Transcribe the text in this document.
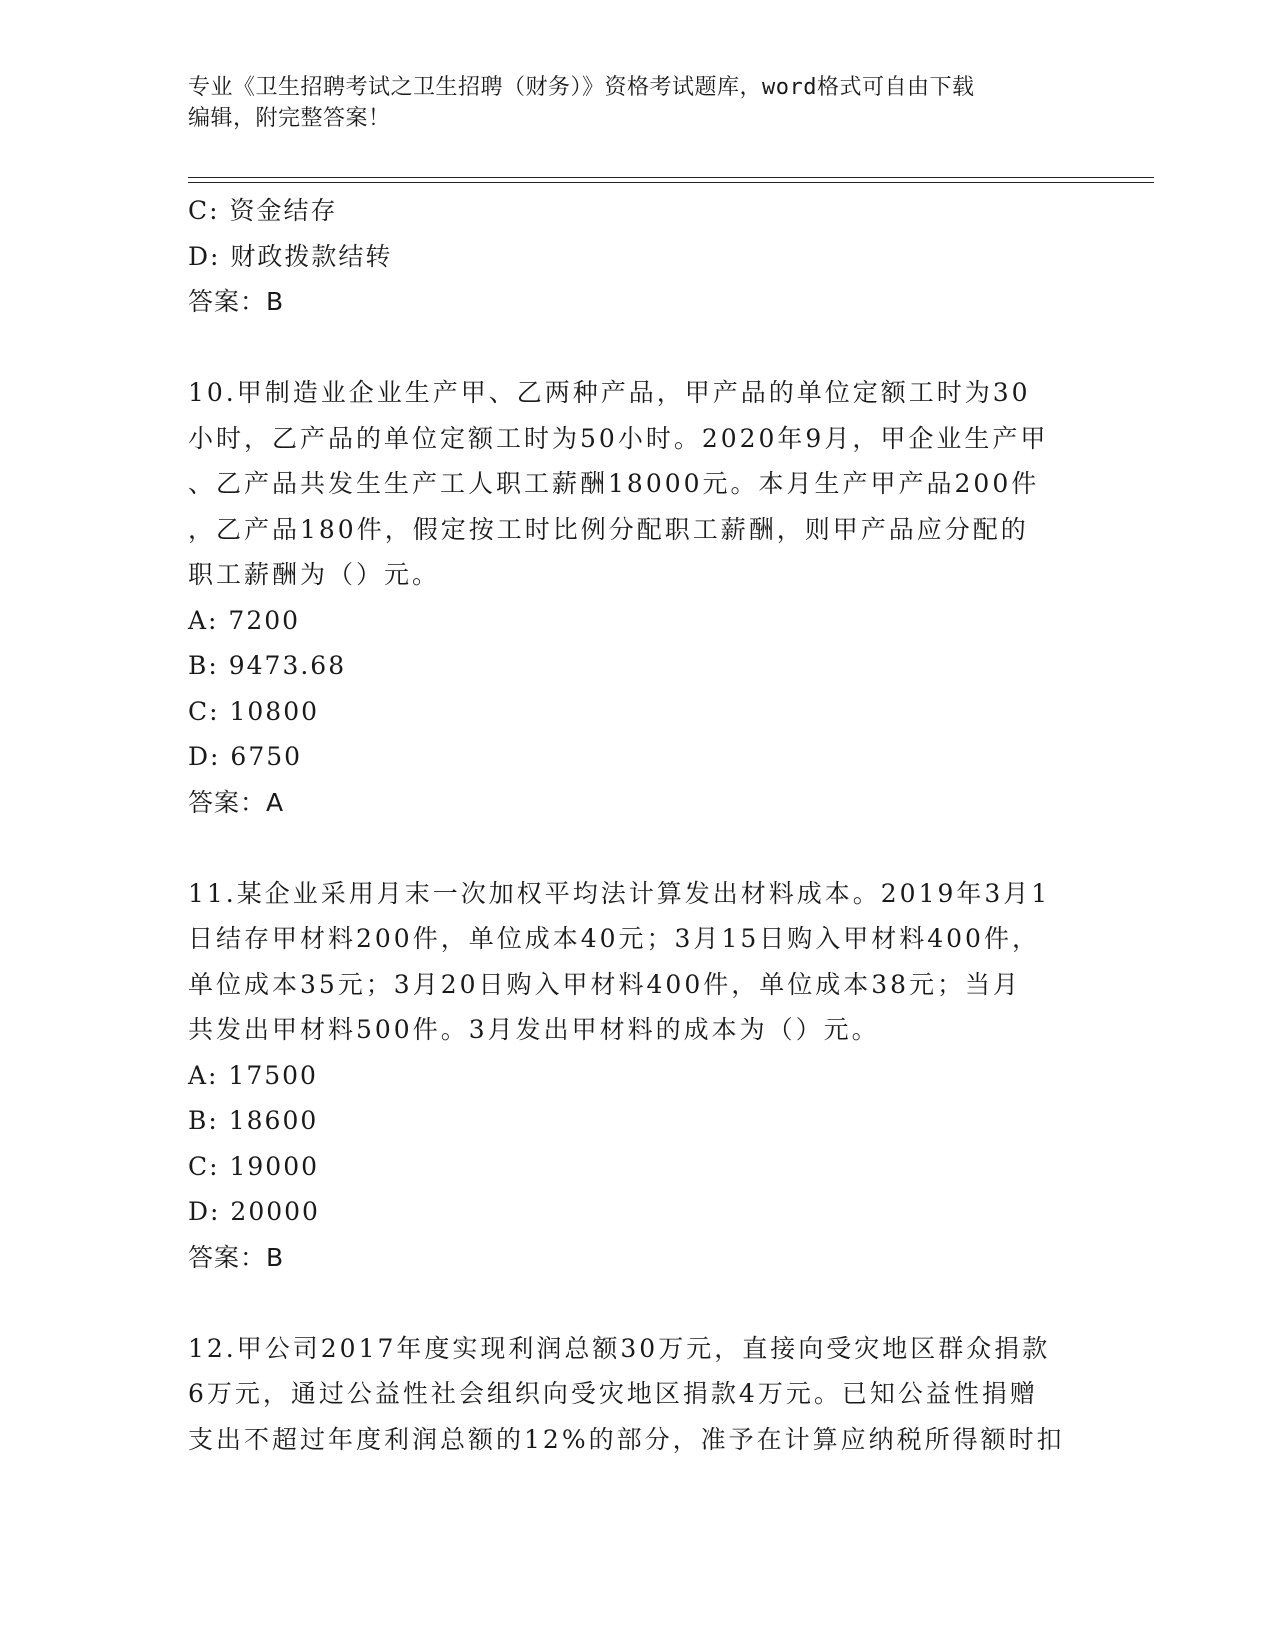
专业《卫生招聘考试之卫生招聘（财务）》资格考试题库，word格式可自由下载
编辑，附完整答案！
C: 资金结存
D: 财政拨款结转
答案：B
10.甲制造业企业生产甲、乙两种产品，甲产品的单位定额工时为30
小时，乙产品的单位定额工时为50小时。2020年9月，甲企业生产甲
、乙产品共发生生产工人职工薪酬18000元。本月生产甲产品200件
，乙产品180件，假定按工时比例分配职工薪酬，则甲产品应分配的
职工薪酬为（）元。
A: 7200
B: 9473.68
C: 10800
D: 6750
答案：A
11.某企业采用月末一次加权平均法计算发出材料成本。2019年3月1
日结存甲材料200件，单位成本40元；3月15日购入甲材料400件，
单位成本35元；3月20日购入甲材料400件，单位成本38元；当月
共发出甲材料500件。3月发出甲材料的成本为（）元。
A: 17500
B: 18600
C: 19000
D: 20000
答案：B
12.甲公司2017年度实现利润总额30万元，直接向受灾地区群众捐款
6万元，通过公益性社会组织向受灾地区捐款4万元。已知公益性捐赠
支出不超过年度利润总额的12%的部分，准予在计算应纳税所得额时扣
